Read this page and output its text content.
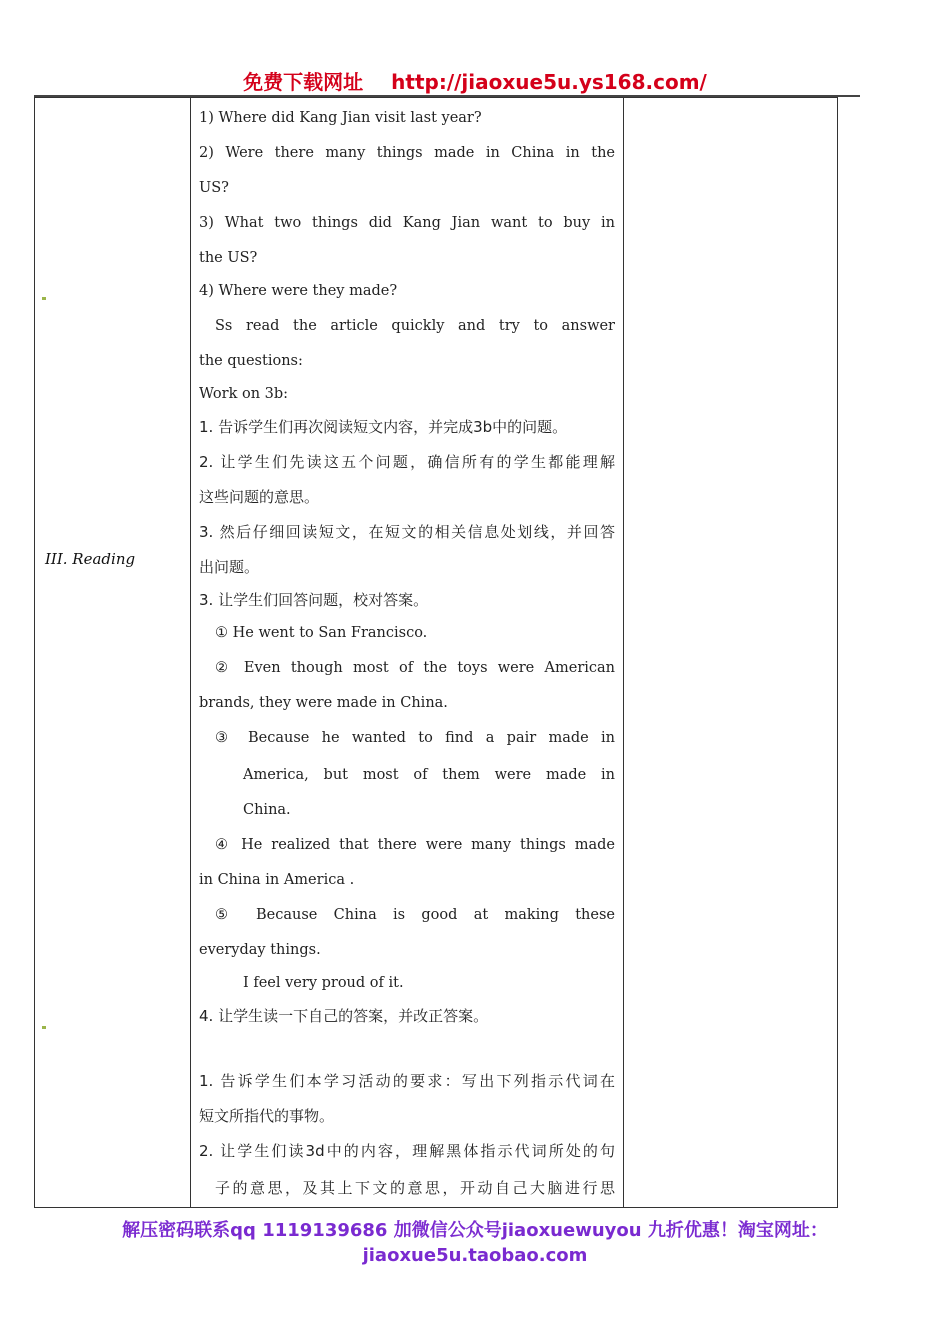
免费下载网址 http://jiaoxue5u.ys168.com/
III. Reading

1) Where did Kang Jian visit last year?
2) Were there many things made in China in the
US?
3) What two things did Kang Jian want to buy in
the US?
4) Where were they made?
Ss read the article quickly and try to answer
the questions:
Work on 3b:
1. 告诉学生们再次阅读短文内容，并完成3b中的问题。
2. 让学生们先读这五个问题，确信所有的学生都能理解
这些问题的意思。
3. 然后仔细回读短文，在短文的相关信息处划线，并回答
出问题。
3. 让学生们回答问题，校对答案。
① He went to San Francisco.
② Even though most of the toys were American
brands, they were made in China.
③ Because he wanted to find a pair made in
America, but most of them were made in
China.
④ He realized that there were many things made
in China in America .
⑤ Because China is good at making these
everyday things.
I feel very proud of it.
4. 让学生读一下自己的答案，并改正答案。
1. 告诉学生们本学习活动的要求：写出下列指示代词在
短文所指代的事物。
2. 让学生们读3d中的内容，理解黑体指示代词所处的句
子的意思，及其上下文的意思，开动自己大脑进行思

解压密码联系qq 1119139686 加微信公众号jiaoxuewuyou 九折优惠！淘宝网址：
jiaoxue5u.taobao.com
